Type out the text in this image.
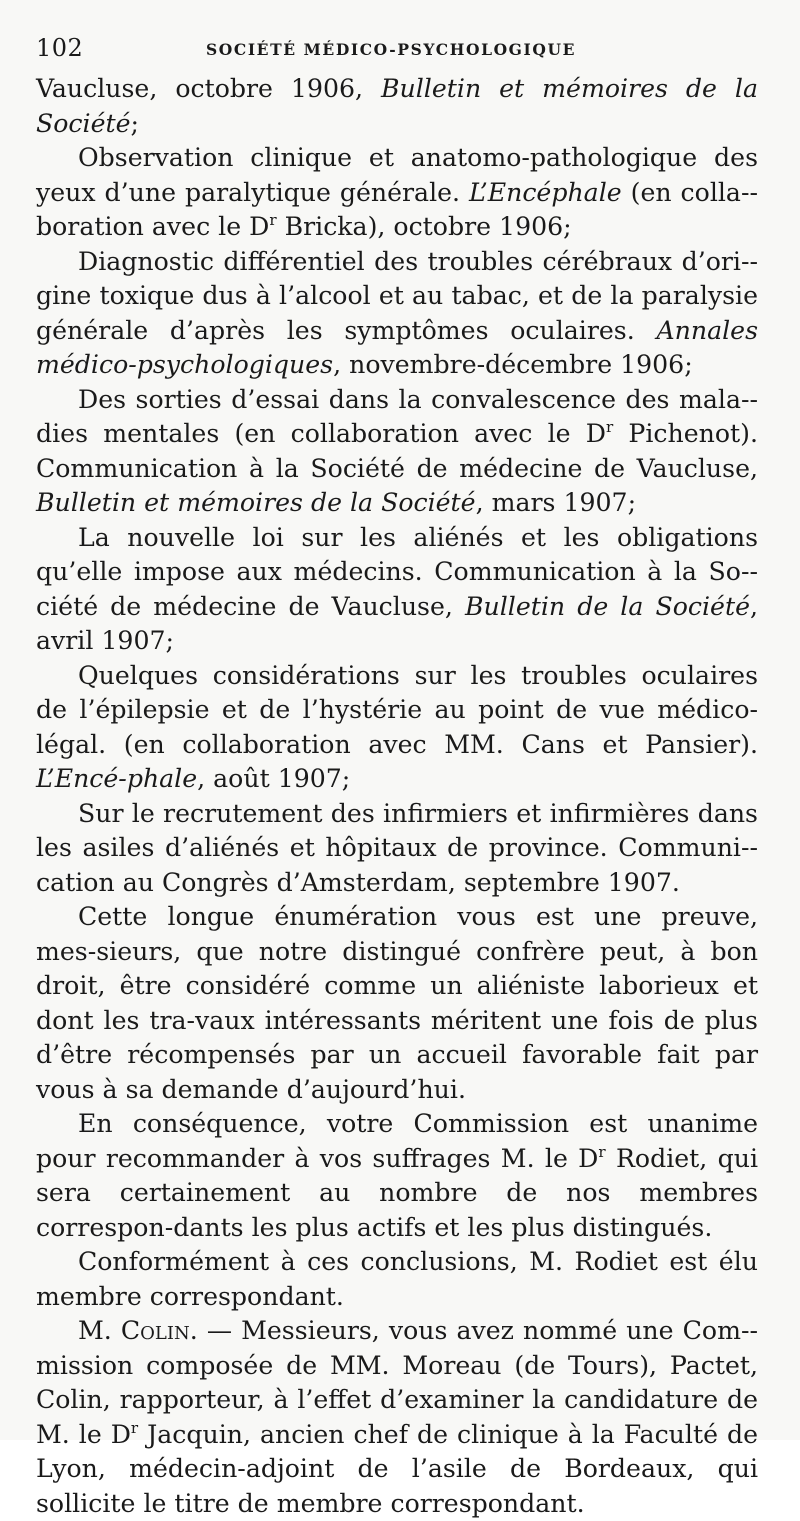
102	SOCIÉTÉ MÉDICO-PSYCHOLOGIQUE

Vaucluse, octobre 1906, Bulletin et mémoires de la Société;

Observation clinique et anatomo-pathologique des yeux d’une paralytique générale. L’Encéphale (en colla-boration avec le $D^r$ Bricka), octobre 1906;

Diagnostic différentiel des troubles cérébraux d’ori-gine toxique dus à l’alcool et au tabac, et de la paralysie générale d’après les symptômes oculaires. Annales médico-psychologiques, novembre-décembre 1906;

Des sorties d’essai dans la convalescence des mala-dies mentales (en collaboration avec le $D^r$ Pichenot). Communication à la Société de médecine de Vaucluse, Bulletin et mémoires de la Société, mars 1907;

La nouvelle loi sur les aliénés et les obligations qu’elle impose aux médecins. Communication à la So-ciété de médecine de Vaucluse, Bulletin de la Société, avril 1907;

Quelques considérations sur les troubles oculaires de l’épilepsie et de l’hystérie au point de vue médico-légal. (en collaboration avec MM. Cans et Pansier). L’Encé-phale, août 1907;

Sur le recrutement des infirmiers et infirmières dans les asiles d’aliénés et hôpitaux de province. Communi-cation au Congrès d’Amsterdam, septembre 1907.

Cette longue énumération vous est une preuve, mes-sieurs, que notre distingué confrère peut, à bon droit, être considéré comme un aliéniste laborieux et dont les tra-vaux intéressants méritent une fois de plus d’être récompensés par un accueil favorable fait par vous à sa demande d’aujourd’hui.

En conséquence, votre Commission est unanime pour recommander à vos suffrages M. le $D^r$ Rodiet, qui sera certainement au nombre de nos membres correspon-dants les plus actifs et les plus distingués.

Conformément à ces conclusions, M. Rodiet est élu membre correspondant.

M. Colin. — Messieurs, vous avez nommé une Com-mission composée de MM. Moreau (de Tours), Pactet, Colin, rapporteur, à l’effet d’examiner la candidature de M. le $D^r$ Jacquin, ancien chef de clinique à la Faculté de Lyon, médecin-adjoint de l’asile de Bordeaux, qui sollicite le titre de membre correspondant.
